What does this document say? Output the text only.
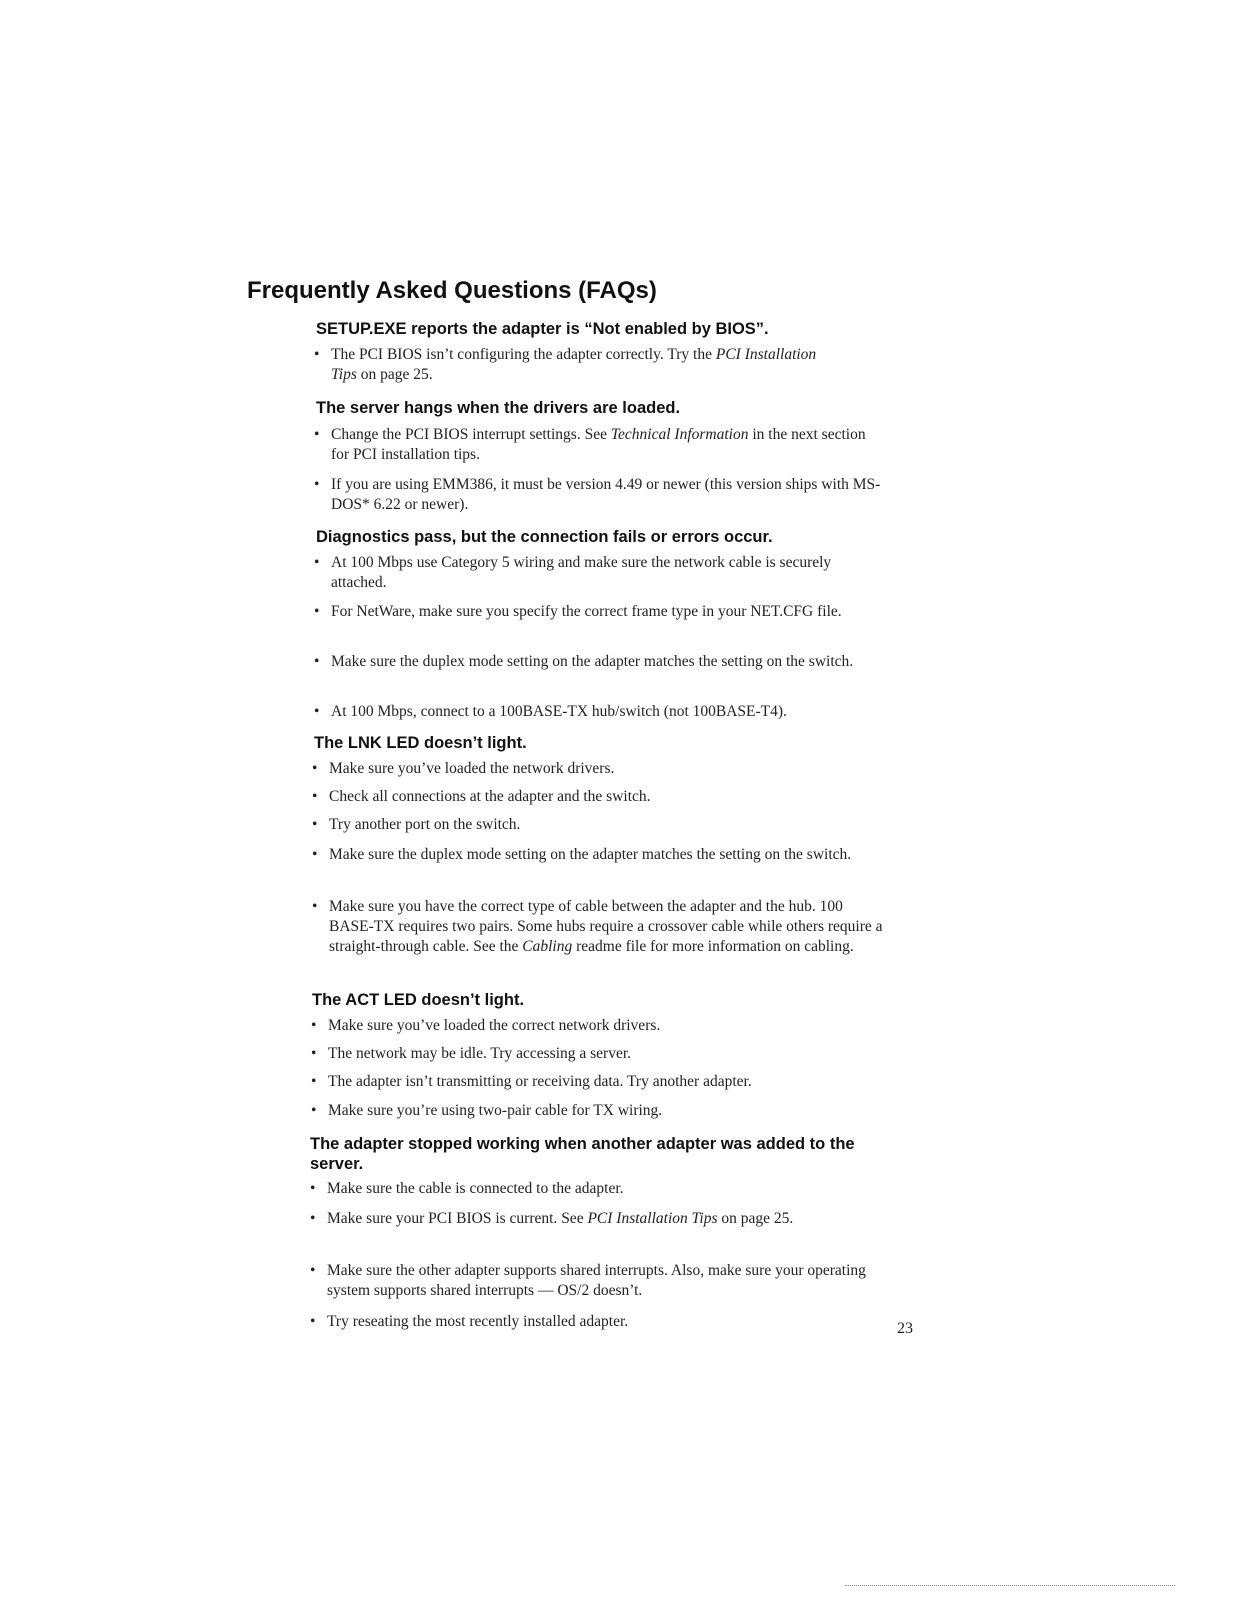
Frequently Asked Questions (FAQs)
SETUP.EXE reports the adapter is “Not enabled by BIOS”.
• The PCI BIOS isn’t configuring the adapter correctly. Try the PCI Installation Tips on page 25.
The server hangs when the drivers are loaded.
• Change the PCI BIOS interrupt settings. See Technical Information in the next section for PCI installation tips.
• If you are using EMM386, it must be version 4.49 or newer (this version ships with MS-DOS* 6.22 or newer).
Diagnostics pass, but the connection fails or errors occur.
• At 100 Mbps use Category 5 wiring and make sure the network cable is securely attached.
• For NetWare, make sure you specify the correct frame type in your NET.CFG file.
• Make sure the duplex mode setting on the adapter matches the setting on the switch.
• At 100 Mbps, connect to a 100BASE-TX hub/switch (not 100BASE-T4).
The LNK LED doesn’t light.
• Make sure you’ve loaded the network drivers.
• Check all connections at the adapter and the switch.
• Try another port on the switch.
• Make sure the duplex mode setting on the adapter matches the setting on the switch.
• Make sure you have the correct type of cable between the adapter and the hub. 100 BASE-TX requires two pairs. Some hubs require a crossover cable while others require a straight-through cable. See the Cabling readme file for more information on cabling.
The ACT LED doesn’t light.
• Make sure you’ve loaded the correct network drivers.
• The network may be idle. Try accessing a server.
• The adapter isn’t transmitting or receiving data. Try another adapter.
• Make sure you’re using two-pair cable for TX wiring.
The adapter stopped working when another adapter was added to the server.
• Make sure the cable is connected to the adapter.
• Make sure your PCI BIOS is current. See PCI Installation Tips on page 25.
• Make sure the other adapter supports shared interrupts. Also, make sure your operating system supports shared interrupts — OS/2 doesn’t.
• Try reseating the most recently installed adapter.	23
